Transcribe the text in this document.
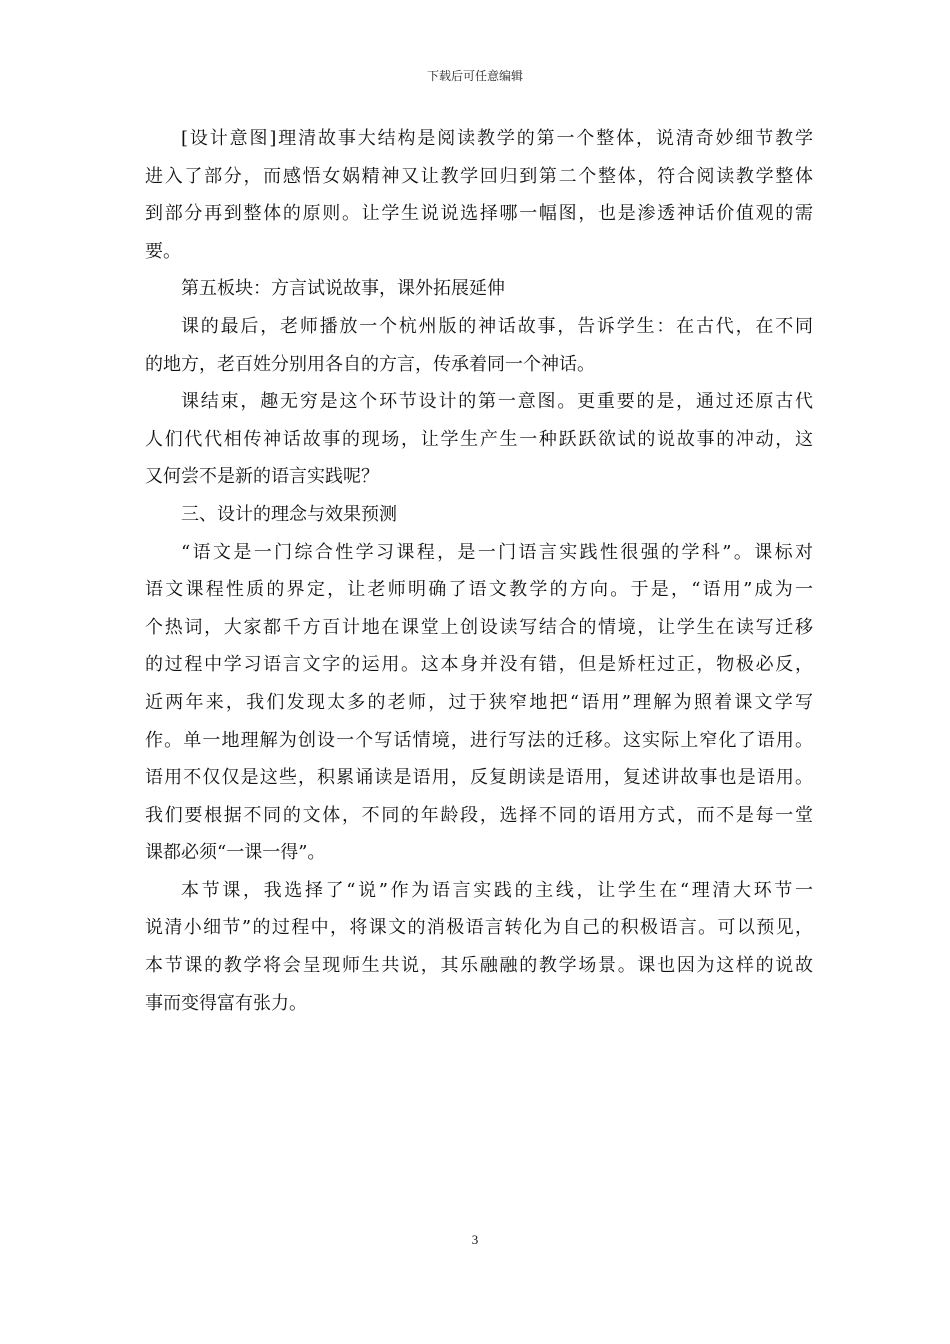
下载后可任意编辑
[设计意图]理清故事大结构是阅读教学的第一个整体，说清奇妙细节教学
进入了部分，而感悟女娲精神又让教学回归到第二个整体，符合阅读教学整体
到部分再到整体的原则。让学生说说选择哪一幅图，也是渗透神话价值观的需
要。
第五板块：方言试说故事，课外拓展延伸
课的最后，老师播放一个杭州版的神话故事，告诉学生：在古代，在不同
的地方，老百姓分别用各自的方言，传承着同一个神话。
课结束，趣无穷是这个环节设计的第一意图。更重要的是，通过还原古代
人们代代相传神话故事的现场，让学生产生一种跃跃欲试的说故事的冲动，这
又何尝不是新的语言实践呢？
三、设计的理念与效果预测
“语文是一门综合性学习课程，是一门语言实践性很强的学科”。课标对
语文课程性质的界定，让老师明确了语文教学的方向。于是，“语用”成为一
个热词，大家都千方百计地在课堂上创设读写结合的情境，让学生在读写迁移
的过程中学习语言文字的运用。这本身并没有错，但是矫枉过正，物极必反，
近两年来，我们发现太多的老师，过于狭窄地把“语用”理解为照着课文学写
作。单一地理解为创设一个写话情境，进行写法的迁移。这实际上窄化了语用。
语用不仅仅是这些，积累诵读是语用，反复朗读是语用，复述讲故事也是语用。
我们要根据不同的文体，不同的年龄段，选择不同的语用方式，而不是每一堂
课都必须“一课一得”。
本节课，我选择了“说”作为语言实践的主线，让学生在“理清大环节一
说清小细节”的过程中，将课文的消极语言转化为自己的积极语言。可以预见，
本节课的教学将会呈现师生共说，其乐融融的教学场景。课也因为这样的说故
事而变得富有张力。
3
